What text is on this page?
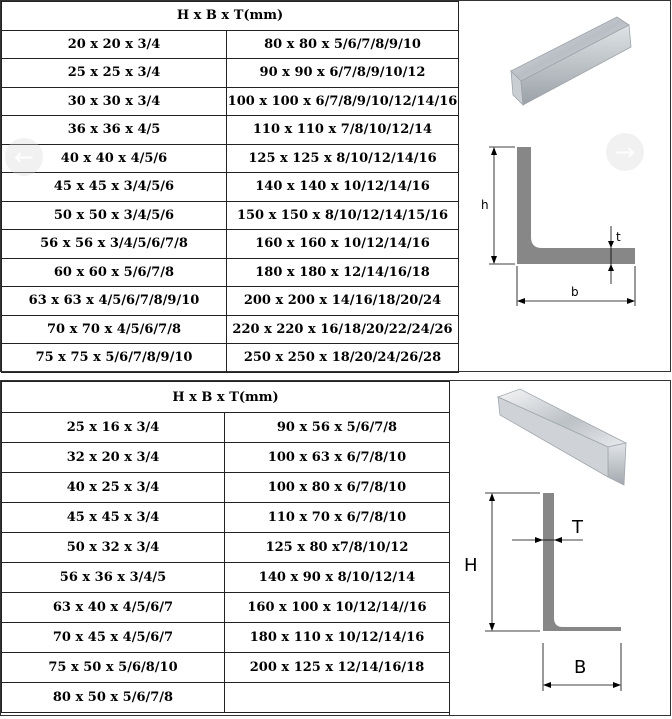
H x B x T(mm)	
20 x 20 x 3/4	80 x 80 x 5/6/7/8/9/10
25 x 25 x 3/4	90 x 90 x 6/7/8/9/10/12
30 x 30 x 3/4	100 x 100 x 6/7/8/9/10/12/14/16
36 x 36 x 4/5	110 x 110 x 7/8/10/12/14
40 x 40 x 4/5/6	125 x 125 x 8/10/12/14/16
45 x 45 x 3/4/5/6	140 x 140 x 10/12/14/16
50 x 50 x 3/4/5/6	150 x 150 x 8/10/12/14/15/16
56 x 56 x 3/4/5/6/7/8	160 x 160 x 10/12/14/16
60 x 60 x 5/6/7/8	180 x 180 x 12/14/16/18
63 x 63 x 4/5/6/7/8/9/10	200 x 200 x 14/16/18/20/24
70 x 70 x 4/5/6/7/8	220 x 220 x 16/18/20/22/24/26
75 x 75 x 5/6/7/8/9/10	250 x 250 x 18/20/24/26/28
h
t
b
←	→
H x B x T(mm)	
25 x 16 x 3/4	90 x 56 x 5/6/7/8
32 x 20 x 3/4	100 x 63 x 6/7/8/10
40 x 25 x 3/4	100 x 80 x 6/7/8/10
45 x 45 x 3/4	110 x 70 x 6/7/8/10
50 x 32 x 3/4	125 x 80 x7/8/10/12
56 x 36 x 3/4/5	140 x 90 x 8/10/12/14
63 x 40 x 4/5/6/7	160 x 100 x 10/12/14//16
70 x 45 x 4/5/6/7	180 x 110 x 10/12/14/16
75 x 50 x 5/6/8/10	200 x 125 x 12/14/16/18
80 x 50 x 5/6/7/8	
H
T
B
